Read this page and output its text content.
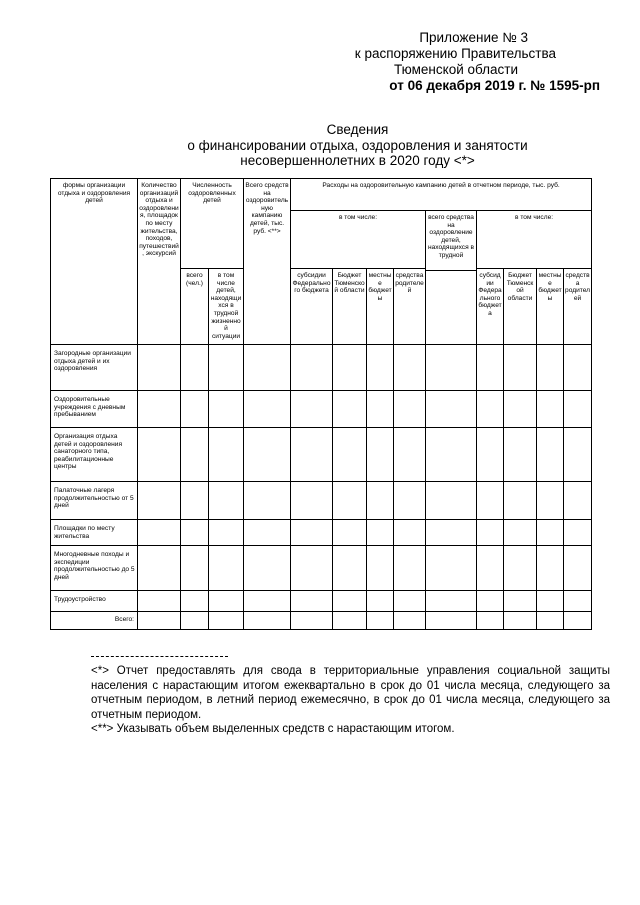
Приложение № 3
к распоряжению Правительства
Тюменской области
от 06 декабря 2019 г. № 1595-рп
Сведения
о финансировании отдыха, оздоровления и занятости
несовершеннолетних в 2020 году <*>
формы организации отдыха и оздоровления детей	Количество организаций отдыха и оздоровления, площадок по месту жительства, походов, путешествий, экскурсий	Численность оздоровленных детей		Всего средств на оздоровительную кампанию детей, тыс. руб. <**>	Расходы на оздоровительную кампанию детей в отчетном периоде, тыс. руб.								
					в том числе:				всего средства на оздоровление детей, находящихся в трудной	в том числе:			
		всего (чел.)	в том числе детей, находящихся в трудной жизненной ситуации		субсидии Федерального бюджета	Бюджет Тюменской области	местные бюджеты	средства родителей		субсидии Федерального бюджета	Бюджет Тюменской области	местные бюджеты	средства родителей

Загородные организации отдыха детей и их оздоровления													
Оздоровительные учреждения с дневным пребыванием													
Организация отдыха детей и оздоровления санаторного типа, реабилитационные центры													
Палаточные лагеря продолжительностью от 5 дней													
Площадки по месту жительства													
Многодневные походы и экспедиции продолжительностью до 5 дней													
Трудоустройство													
Всего:													

<*> Отчет предоставлять для свода в территориальные управления социальной защиты населения с нарастающим итогом ежеквартально в срок до 01 числа месяца, следующего за отчетным периодом, в летний период ежемесячно, в срок до 01 числа месяца, следующего за отчетным периодом.

<**> Указывать объем выделенных средств с нарастающим итогом.
